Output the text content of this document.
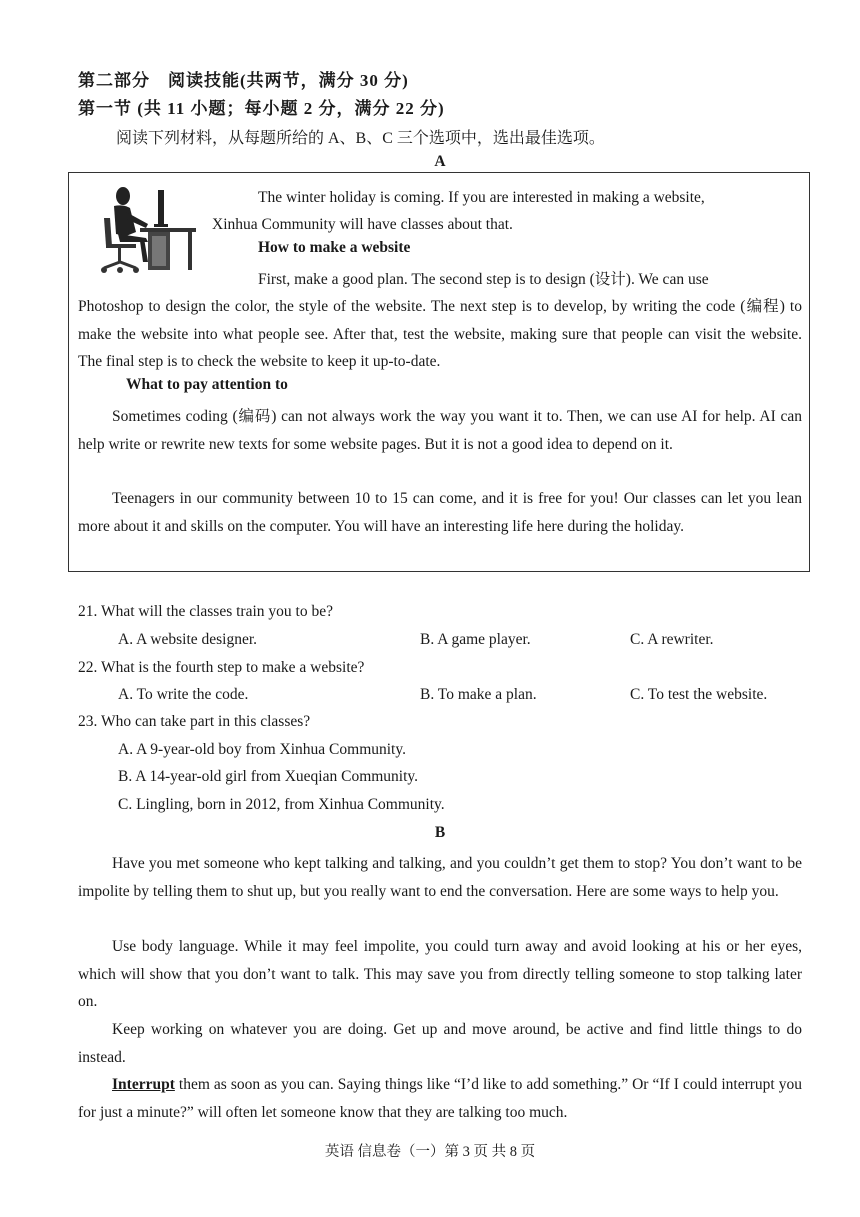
第二部分　阅读技能(共两节，满分 30 分)
第一节 (共 11 小题；每小题 2 分，满分 22 分)
阅读下列材料，从每题所给的 A、B、C 三个选项中，选出最佳选项。
A
The winter holiday is coming. If you are interested in making a website,
Xinhua Community will have classes about that.
How to make a website
First, make a good plan. The second step is to design (设计). We can use

Photoshop to design the color, the style of the website. The next step is to develop, by writing the code (编程) to make the website into what people see. After that, test the website, making sure that people can visit the website. The final step is to check the website to keep it up-to-date.

What to pay attention to

Sometimes coding (编码) can not always work the way you want it to. Then, we can use AI for help. AI can help write or rewrite new texts for some website pages. But it is not a good idea to depend on it.

Teenagers in our community between 10 to 15 can come, and it is free for you! Our classes can let you lean more about it and skills on the computer. You will have an interesting life here during the holiday.

21. What will the classes train you to be?
A. A website designer.	B. A game player.	C. A rewriter.
22. What is the fourth step to make a website?
A. To write the code.	B. To make a plan.	C. To test the website.
23. Who can take part in this classes?
A. A 9-year-old boy from Xinhua Community.
B. A 14-year-old girl from Xueqian Community.
C. Lingling, born in 2012, from Xinhua Community.
B

Have you met someone who kept talking and talking, and you couldn’t get them to stop? You don’t want to be impolite by telling them to shut up, but you really want to end the conversation. Here are some ways to help you.

Use body language. While it may feel impolite, you could turn away and avoid looking at his or her eyes, which will show that you don’t want to talk. This may save you from directly telling someone to stop talking later on.

Keep working on whatever you are doing. Get up and move around, be active and find little things to do instead.

Interrupt them as soon as you can. Saying things like “I’d like to add something.” Or “If I could interrupt you for just a minute?” will often let someone know that they are talking too much.

英语 信息卷（一）第 3 页 共 8 页
